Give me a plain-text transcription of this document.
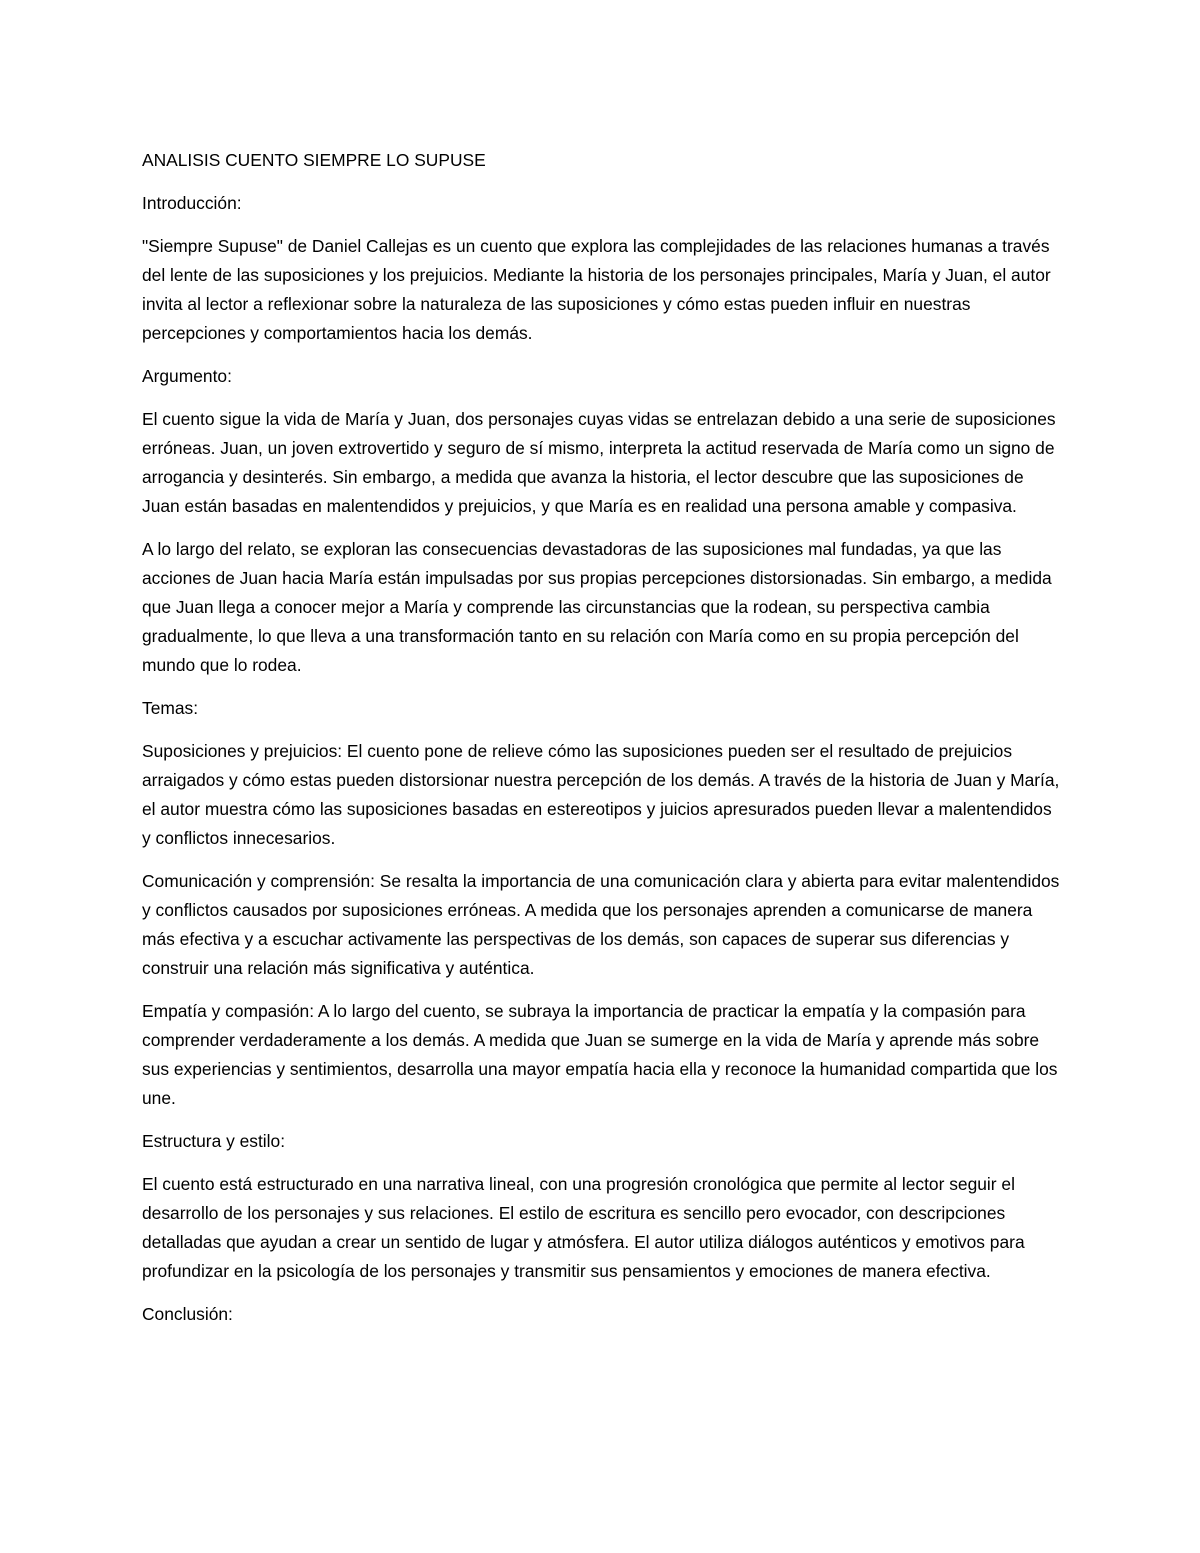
ANALISIS CUENTO SIEMPRE LO SUPUSE

Introducción:

"Siempre Supuse" de Daniel Callejas es un cuento que explora las complejidades de las relaciones humanas a través del lente de las suposiciones y los prejuicios. Mediante la historia de los personajes principales, María y Juan, el autor invita al lector a reflexionar sobre la naturaleza de las suposiciones y cómo estas pueden influir en nuestras percepciones y comportamientos hacia los demás.

Argumento:

El cuento sigue la vida de María y Juan, dos personajes cuyas vidas se entrelazan debido a una serie de suposiciones erróneas. Juan, un joven extrovertido y seguro de sí mismo, interpreta la actitud reservada de María como un signo de arrogancia y desinterés. Sin embargo, a medida que avanza la historia, el lector descubre que las suposiciones de Juan están basadas en malentendidos y prejuicios, y que María es en realidad una persona amable y compasiva.

A lo largo del relato, se exploran las consecuencias devastadoras de las suposiciones mal fundadas, ya que las acciones de Juan hacia María están impulsadas por sus propias percepciones distorsionadas. Sin embargo, a medida que Juan llega a conocer mejor a María y comprende las circunstancias que la rodean, su perspectiva cambia gradualmente, lo que lleva a una transformación tanto en su relación con María como en su propia percepción del mundo que lo rodea.

Temas:

Suposiciones y prejuicios: El cuento pone de relieve cómo las suposiciones pueden ser el resultado de prejuicios arraigados y cómo estas pueden distorsionar nuestra percepción de los demás. A través de la historia de Juan y María, el autor muestra cómo las suposiciones basadas en estereotipos y juicios apresurados pueden llevar a malentendidos y conflictos innecesarios.

Comunicación y comprensión: Se resalta la importancia de una comunicación clara y abierta para evitar malentendidos y conflictos causados por suposiciones erróneas. A medida que los personajes aprenden a comunicarse de manera más efectiva y a escuchar activamente las perspectivas de los demás, son capaces de superar sus diferencias y construir una relación más significativa y auténtica.

Empatía y compasión: A lo largo del cuento, se subraya la importancia de practicar la empatía y la compasión para comprender verdaderamente a los demás. A medida que Juan se sumerge en la vida de María y aprende más sobre sus experiencias y sentimientos, desarrolla una mayor empatía hacia ella y reconoce la humanidad compartida que los une.

Estructura y estilo:

El cuento está estructurado en una narrativa lineal, con una progresión cronológica que permite al lector seguir el desarrollo de los personajes y sus relaciones. El estilo de escritura es sencillo pero evocador, con descripciones detalladas que ayudan a crear un sentido de lugar y atmósfera. El autor utiliza diálogos auténticos y emotivos para profundizar en la psicología de los personajes y transmitir sus pensamientos y emociones de manera efectiva.

Conclusión:
